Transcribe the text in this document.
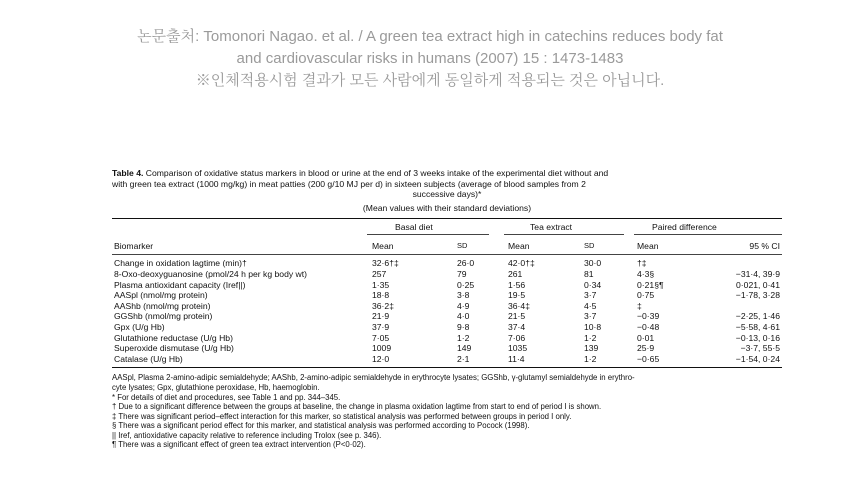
논문출처: Tomonori Nagao. et al. / A green tea extract high in catechins reduces body fat
and cardiovascular risks in humans (2007) 15 : 1473-1483
※인체적용시험 결과가 모든 사람에게 동일하게 적용되는 것은 아닙니다.
Table 4. Comparison of oxidative status markers in blood or urine at the end of 3 weeks intake of the experimental diet without and
with green tea extract (1000 mg/kg) in meat patties (200 g/10 MJ per d) in sixteen subjects (average of blood samples from 2
successive days)*
(Mean values with their standard deviations)
Basal diet	Tea extract	Paired difference
Biomarker	Mean	SD	Mean	SD	Mean	95 % CI
Change in oxidation lagtime (min)†	32·6†‡	26·0	42·0†‡	30·0	†‡
8-Oxo-deoxyguanosine (pmol/24 h per kg body wt)	257	79	261	81	4·3§	−31·4, 39·9
Plasma antioxidant capacity (Iref||)	1·35	0·25	1·56	0·34	0·21§¶	0·021, 0·41
AASpl (nmol/mg protein)	18·8	3·8	19·5	3·7	0·75	−1·78, 3·28
AAShb (nmol/mg protein)	36·2‡	4·9	36·4‡	4·5	‡
GGShb (nmol/mg protein)	21·9	4·0	21·5	3·7	−0·39	−2·25, 1·46
Gpx (U/g Hb)	37·9	9·8	37·4	10·8	−0·48	−5·58, 4·61
Glutathione reductase (U/g Hb)	7·05	1·2	7·06	1·2	0·01	−0·13, 0·16
Superoxide dismutase (U/g Hb)	1009	149	1035	139	25·9	−3·7, 55·5
Catalase (U/g Hb)	12·0	2·1	11·4	1·2	−0·65	−1·54, 0·24
AASpl, Plasma 2-amino-adipic semialdehyde; AAShb, 2-amino-adipic semialdehyde in erythrocyte lysates; GGShb, γ-glutamyl semialdehyde in erythro-
cyte lysates; Gpx, glutathione peroxidase, Hb, haemoglobin.
* For details of diet and procedures, see Table 1 and pp. 344–345.
† Due to a significant difference between the groups at baseline, the change in plasma oxidation lagtime from start to end of period I is shown.
‡ There was significant period–effect interaction for this marker, so statistical analysis was performed between groups in period I only.
§ There was a significant period effect for this marker, and statistical analysis was performed according to Pocock (1998).
|| Iref, antioxidative capacity relative to reference including Trolox (see p. 346).
¶ There was a significant effect of green tea extract intervention (P<0·02).
